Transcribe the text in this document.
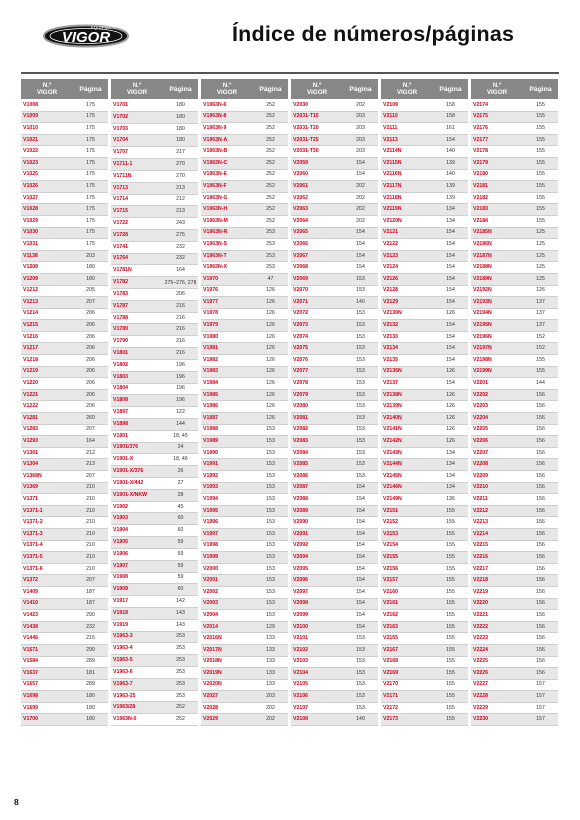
VIGOR
EQUIPMENT	Índice de números/páginas
N.º
VIGOR	Página
V1008	175
V1009	175
V1010	175
V1021	175
V1022	175
V1023	175
V1025	175
V1026	175
V1027	175
V1028	175
V1029	175
V1030	175
V1031	175
V1138	203
V1208	180
V1209	180
V1212	205
V1213	207
V1214	206
V1215	206
V1216	206
V1217	206
V1218	206
V1219	206
V1220	206
V1221	206
V1222	206
V1281	260
V1283	207
V1293	164
V1301	212
V1304	213
V1368N	207
V1369	210
V1371	210
V1371-1	210
V1371-2	210
V1371-3	210
V1371-4	210
V1371-5	210
V1371-6	210
V1372	207
V1409	187
V1410	187
V1423	290
V1438	232
V1446	215
V1571	290
V1584	289
V1637	181
V1657	289
V1698	180
V1699	180
V1700	180
N.º
VIGOR	Página
V1701	180
V1702	180
V1703	180
V1704	180
V1707	217
V1711-1	270
V1711N	270
V1713	213
V1714	212
V1715	213
V1722	243
V1728	275
V1741	232
V1764	232
V1781N	164
V1782	275–276, 278
V1783	206
V1787	216
V1788	216
V1789	216
V1790	216
V1801	216
V1802	196
V1803	196
V1804	196
V1808	196
V1897	122
V1898	144
V1901	18, 45
V1901/376	24
V1901-X	18, 46
V1901-X/376	26
V1901-X/442	27
V1901-X/NKW	28
V1902	45
V1903	60
V1904	60
V1905	59
V1906	59
V1907	59
V1908	59
V1909	60
V1917	142
V1918	143
V1919	143
V1963-3	253
V1963-4	253
V1963-5	253
V1963-6	253
V1963-7	253
V1963-25	253
V1963/28	252
V1963N-0	252
N.º
VIGOR	Página
V1963N-6	252
V1963N-8	252
V1963N-9	252
V1963N-A	252
V1963N-B	252
V1963N-C	252
V1963N-E	252
V1963N-F	252
V1963N-G	252
V1963N-H	252
V1963N-M	252
V1963N-R	253
V1963N-S	253
V1963N-T	253
V1963N-X	253
V1970	47
V1976	126
V1977	126
V1978	126
V1979	126
V1980	126
V1981	126
V1982	126
V1983	126
V1984	126
V1985	126
V1986	126
V1987	126
V1988	153
V1989	153
V1990	153
V1991	153
V1992	153
V1993	153
V1994	153
V1995	153
V1996	153
V1997	153
V1998	153
V1999	153
V2000	153
V2001	153
V2002	153
V2003	153
V2004	153
V2014	129
V2016N	133
V2017N	133
V2018N	133
V2019N	133
V2020N	133
V2027	203
V2028	202
V2029	202
N.º
VIGOR	Página
V2030	202
V2031-T15	203
V2031-T20	203
V2031-T25	203
V2031-T30	203
V2059	154
V2060	154
V2061	202
V2062	202
V2063	202
V2064	202
V2065	154
V2066	154
V2067	154
V2068	154
V2069	153
V2070	153
V2071	140
V2072	153
V2073	153
V2074	153
V2075	153
V2076	153
V2077	153
V2078	153
V2079	153
V2080	153
V2081	153
V2082	153
V2083	153
V2084	153
V2085	153
V2086	153
V2087	154
V2088	154
V2089	154
V2090	154
V2091	154
V2092	154
V2094	154
V2095	154
V2096	154
V2097	154
V2098	154
V2099	154
V2100	154
V2101	153
V2102	153
V2103	153
V2104	153
V2105	153
V2106	153
V2107	153
V2108	140
N.º
VIGOR	Página
V2109	158
V2110	158
V2111	161
V2113	154
V2114N	140
V2115N	139
V2116N	140
V2117N	139
V2118N	139
V2119N	134
V2120N	134
V2121	154
V2122	154
V2123	154
V2124	154
V2126	154
V2128	154
V2129	154
V2130N	126
V2132	154
V2133	154
V2134	154
V2135	154
V2136N	126
V2137	154
V2138N	126
V2139N	126
V2140N	126
V2141N	126
V2142N	126
V2143N	134
V2144N	134
V2145N	134
V2146N	134
V2149N	136
V2151	155
V2152	155
V2153	155
V2154	155
V2155	155
V2156	155
V2157	155
V2160	155
V2161	155
V2162	155
V2163	155
V2165	155
V2167	155
V2168	155
V2169	155
V2170	155
V2171	155
V2172	155
V2173	155
N.º
VIGOR	Página
V2174	155
V2175	155
V2176	155
V2177	155
V2178	155
V2179	155
V2180	155
V2181	155
V2182	155
V2183	155
V2184	155
V2185N	125
V2186N	125
V2187N	125
V2188N	125
V2189N	125
V2192N	126
V2193N	137
V2194N	137
V2195N	137
V2196N	152
V2197N	152
V2198N	155
V2199N	155
V2201	144
V2202	156
V2203	156
V2204	156
V2205	156
V2206	156
V2207	156
V2208	156
V2209	156
V2210	156
V2211	156
V2212	156
V2213	156
V2214	156
V2215	156
V2216	156
V2217	156
V2218	156
V2219	156
V2220	156
V2221	156
V2222	156
V2223	156
V2224	156
V2225	156
V2226	156
V2227	157
V2228	157
V2229	157
V2230	157
8
